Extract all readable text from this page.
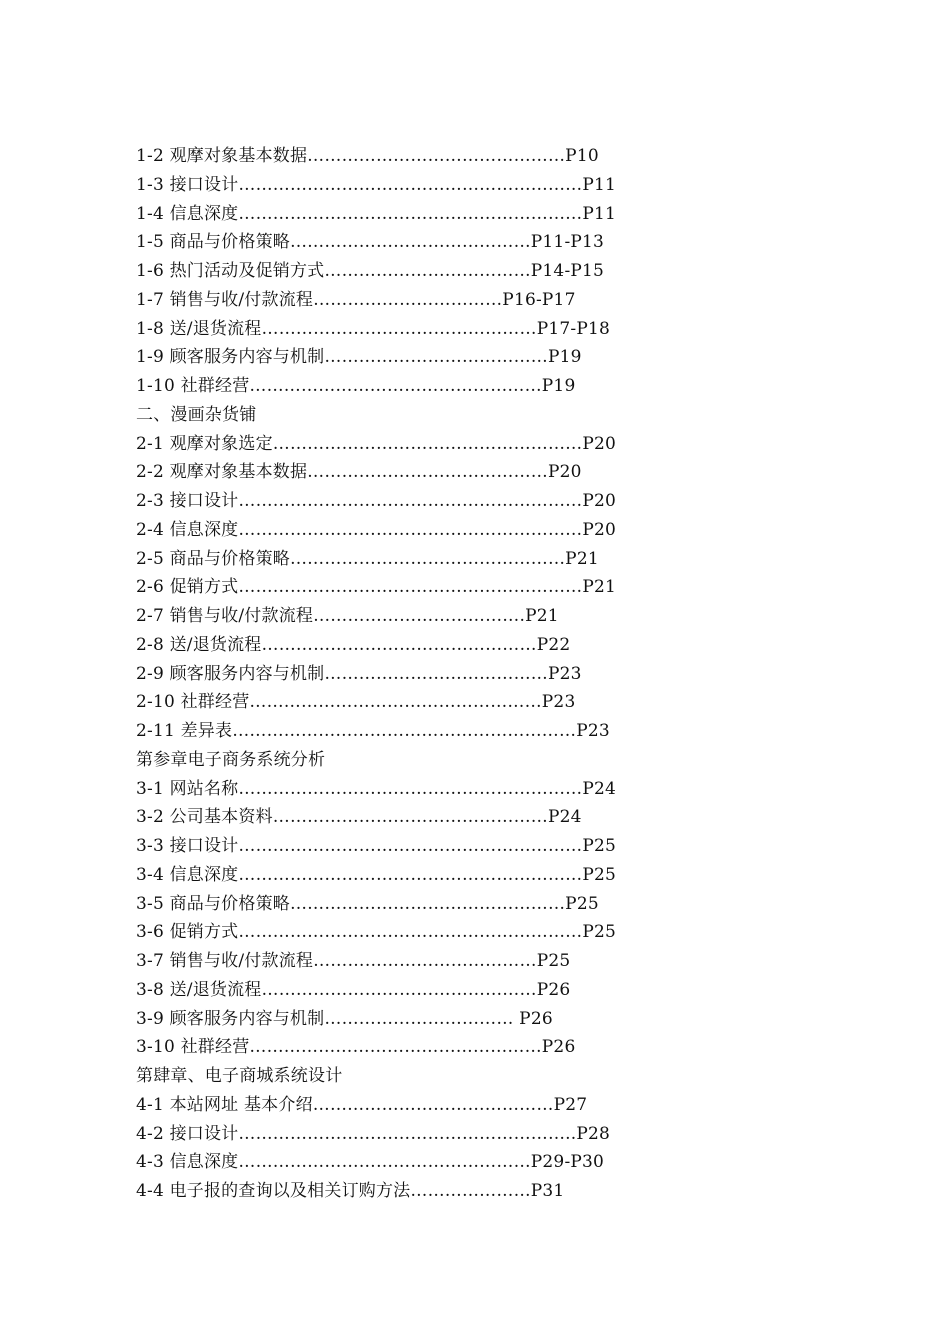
1-2 观摩对象基本数据………………………………………P10
1-3 接口设计……………………………………………………P11
1-4 信息深度……………………………………………………P11
1-5 商品与价格策略……………………………………P11-P13
1-6 热门活动及促销方式………………………………P14-P15
1-7 销售与收/付款流程……………………………P16-P17
1-8 送/退货流程…………………………………………P17-P18
1-9 顾客服务内容与机制…………………………………P19
1-10 社群经营……………………………………………P19
二、漫画杂货铺
2-1 观摩对象选定………………………………………………P20
2-2 观摩对象基本数据……………………………………P20
2-3 接口设计……………………………………………………P20
2-4 信息深度……………………………………………………P20
2-5 商品与价格策略…………………………………………P21
2-6 促销方式……………………………………………………P21
2-7 销售与收/付款流程……………………………….P21
2-8 送/退货流程…………………………………………P22
2-9 顾客服务内容与机制…………………………………P23
2-10 社群经营……………………………………………P23
2-11 差异表……………………………………………………P23
第参章电子商务系统分析
3-1 网站名称……………………………………………………P24
3-2 公司基本资料…………………………………………P24
3-3 接口设计……………………………………………………P25
3-4 信息深度……………………………………………………P25
3-5 商品与价格策略…………………………………………P25
3-6 促销方式……………………………………………………P25
3-7 销售与收/付款流程…………………………………P25
3-8 送/退货流程…………………………………………P26
3-9 顾客服务内容与机制…………………………… P26
3-10 社群经营……………………………………………P26
第肆章、电子商城系统设计
4-1 本站网址 基本介绍……………………………………P27
4-2 接口设计…………………………………………………..P28
4-3 信息深度……………………………………………P29-P30
4-4 电子报的查询以及相关订购方法…………………P31
